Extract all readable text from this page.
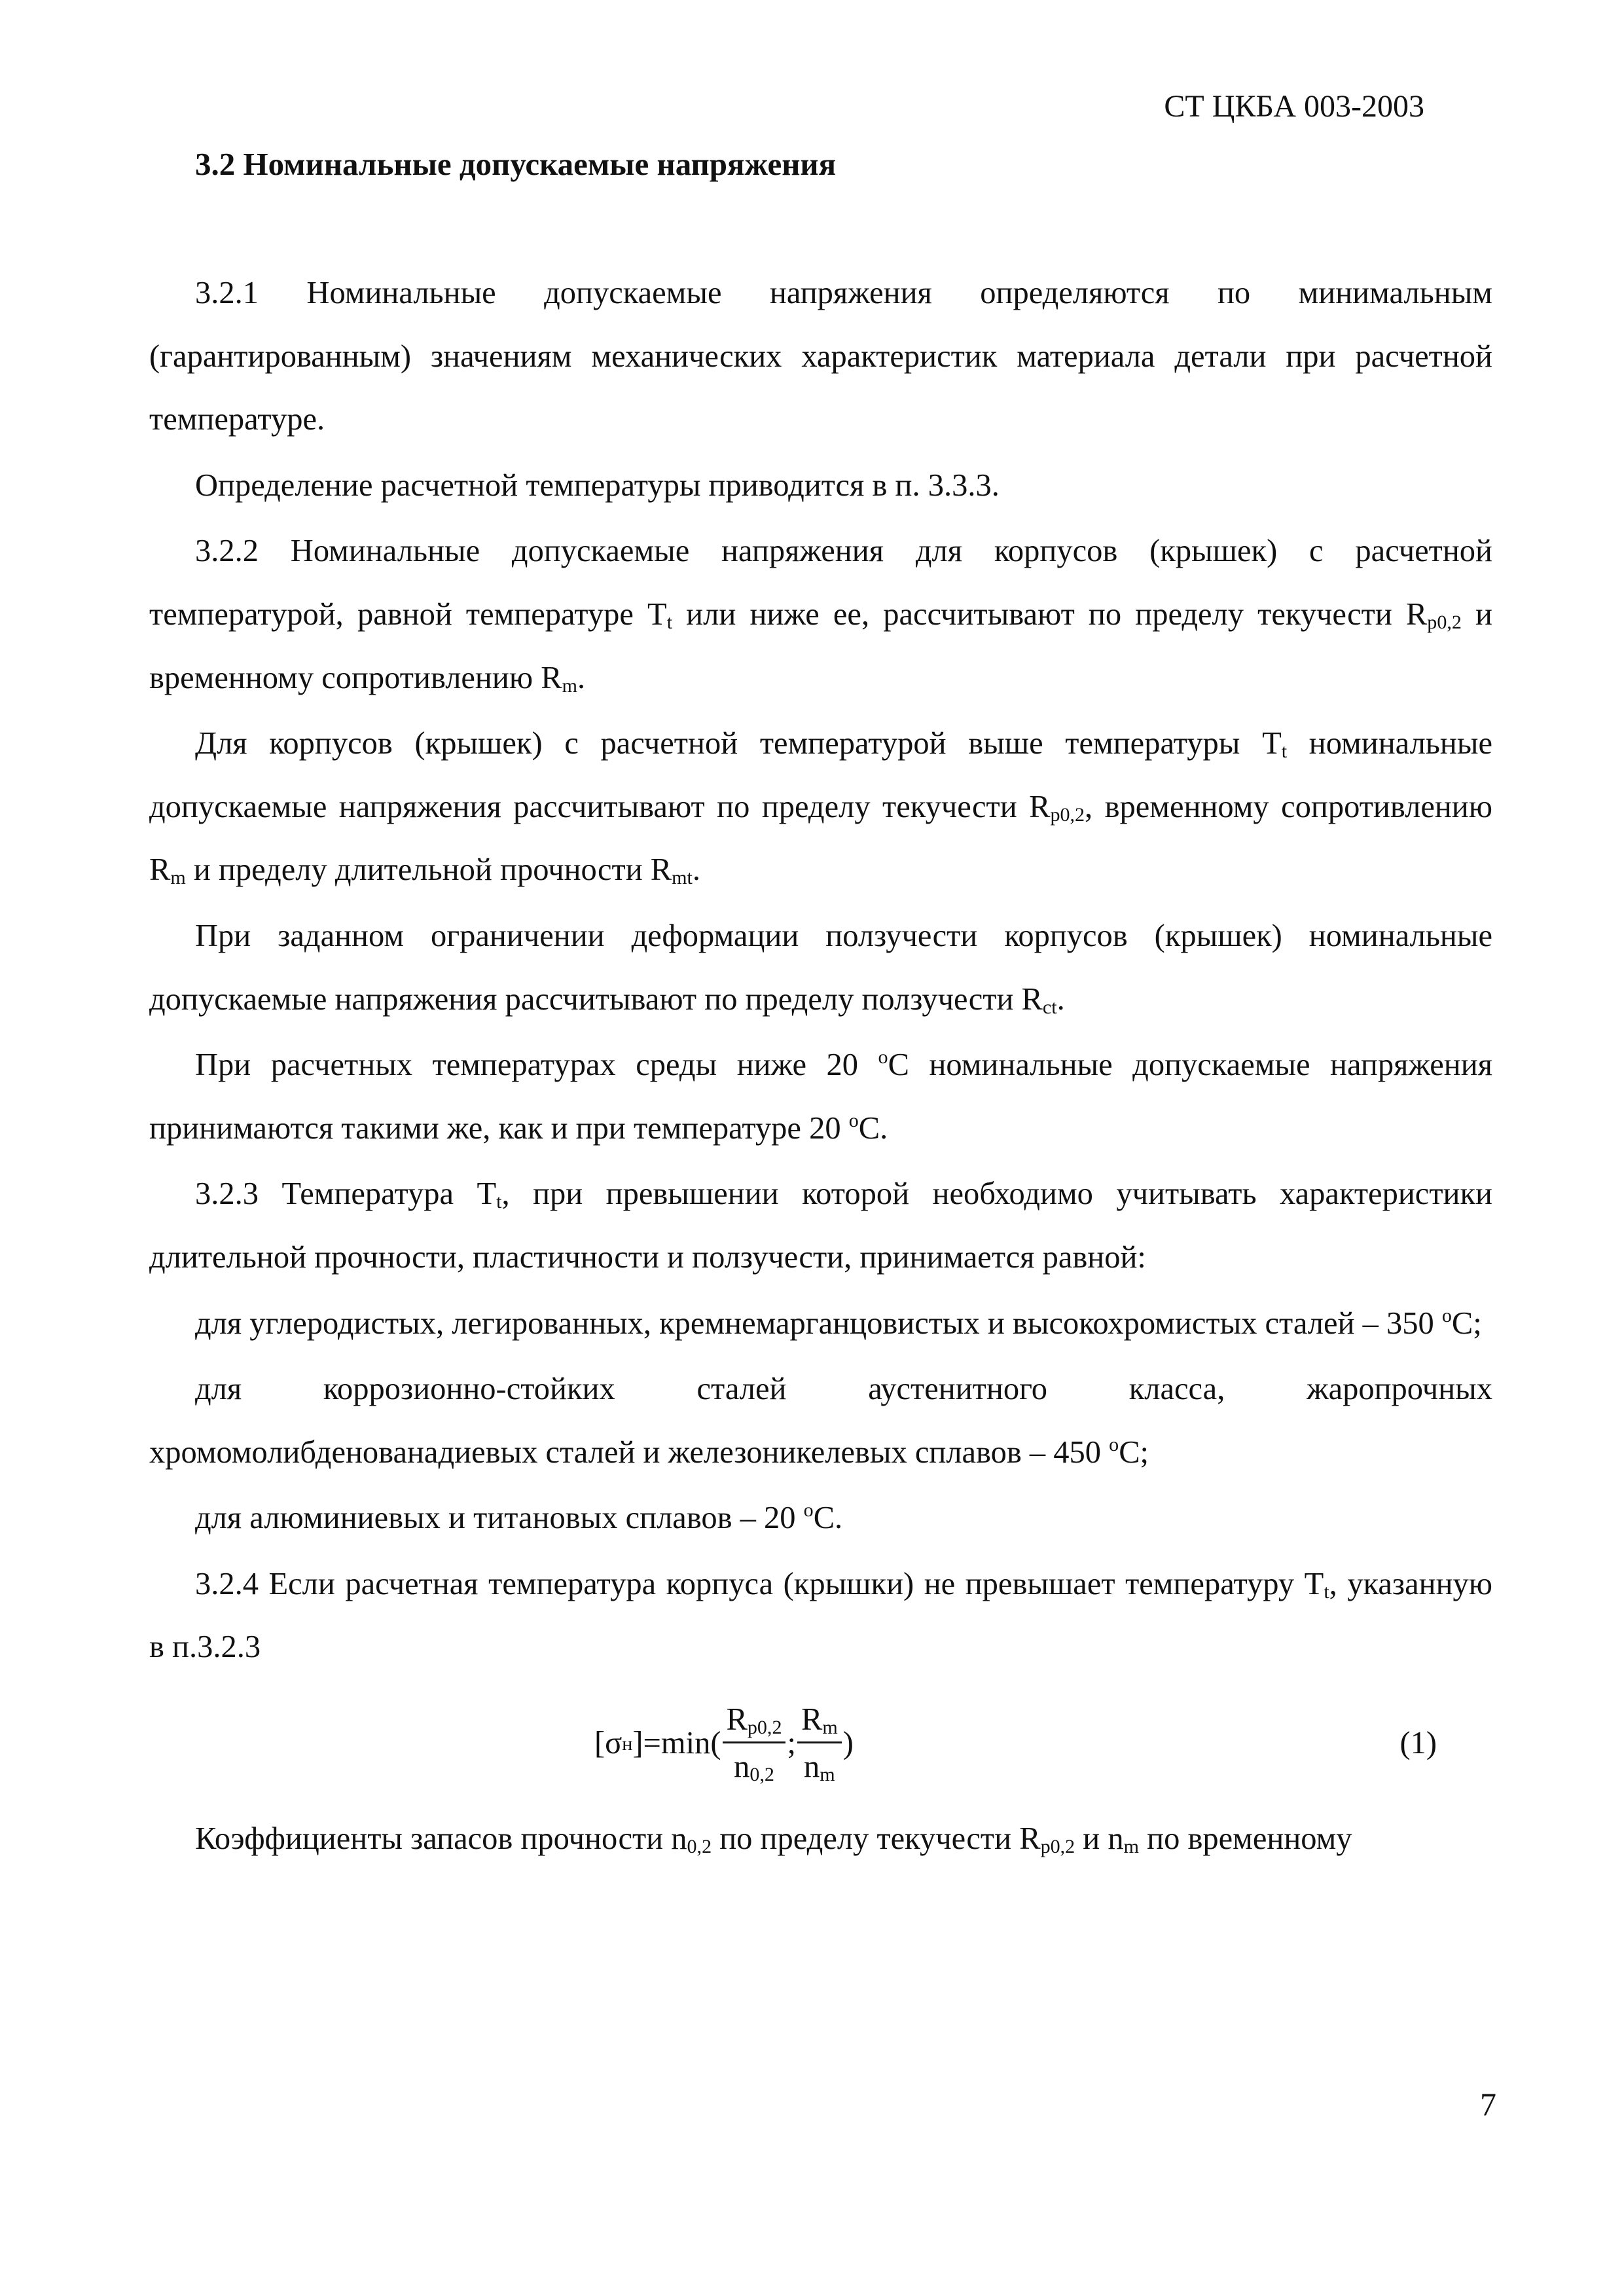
СТ ЦКБА 003-2003
3.2 Номинальные допускаемые напряжения

3.2.1 Номинальные допускаемые напряжения определяются по минимальным (гарантированным) значениям механических характеристик материала детали при расчетной температуре.

Определение расчетной температуры приводится в п. 3.3.3.

3.2.2 Номинальные допускаемые напряжения для корпусов (крышек) с расчетной температурой, равной температуре $T_t$ или ниже ее, рассчитывают по пределу текучести $R_{p0,2}$ и временному сопротивлению $R_m$.

Для корпусов (крышек) с расчетной температурой выше температуры $T_t$ номинальные допускаемые напряжения рассчитывают по пределу текучести $R_{p0,2}$, временному сопротивлению $R_m$ и пределу длительной прочности $R_{mt}$.

При заданном ограничении деформации ползучести корпусов (крышек) номинальные допускаемые напряжения рассчитывают по пределу ползучести $R_{ct}$.

При расчетных температурах среды ниже 20 $^o$C номинальные допускаемые напряжения принимаются такими же, как и при температуре 20 $^o$C.

3.2.3 Температура $T_t$, при превышении которой необходимо учитывать характеристики длительной прочности, пластичности и ползучести, принимается равной:

для углеродистых, легированных, кремнемарганцовистых и высокохромистых сталей – 350 $^o$C;

для коррозионно-стойких сталей аустенитного класса, жаропрочных хромомолибденованадиевых сталей и железоникелевых сплавов – 450 $^o$C;

для алюминиевых и титановых сплавов – 20 $^o$C.

3.2.4 Если расчетная температура корпуса (крышки) не превышает температуру $T_t$, указанную в п.3.2.3

[σ н ]$=\min( \frac{R_{p0,2}}{n_{0,2}}$ ; $\frac{R_m}{n_m}$ )	(1)

Коэффициенты запасов прочности $n_{0,2}$ по пределу текучести $R_{p0,2}$ и $n_m$ по временному

7
